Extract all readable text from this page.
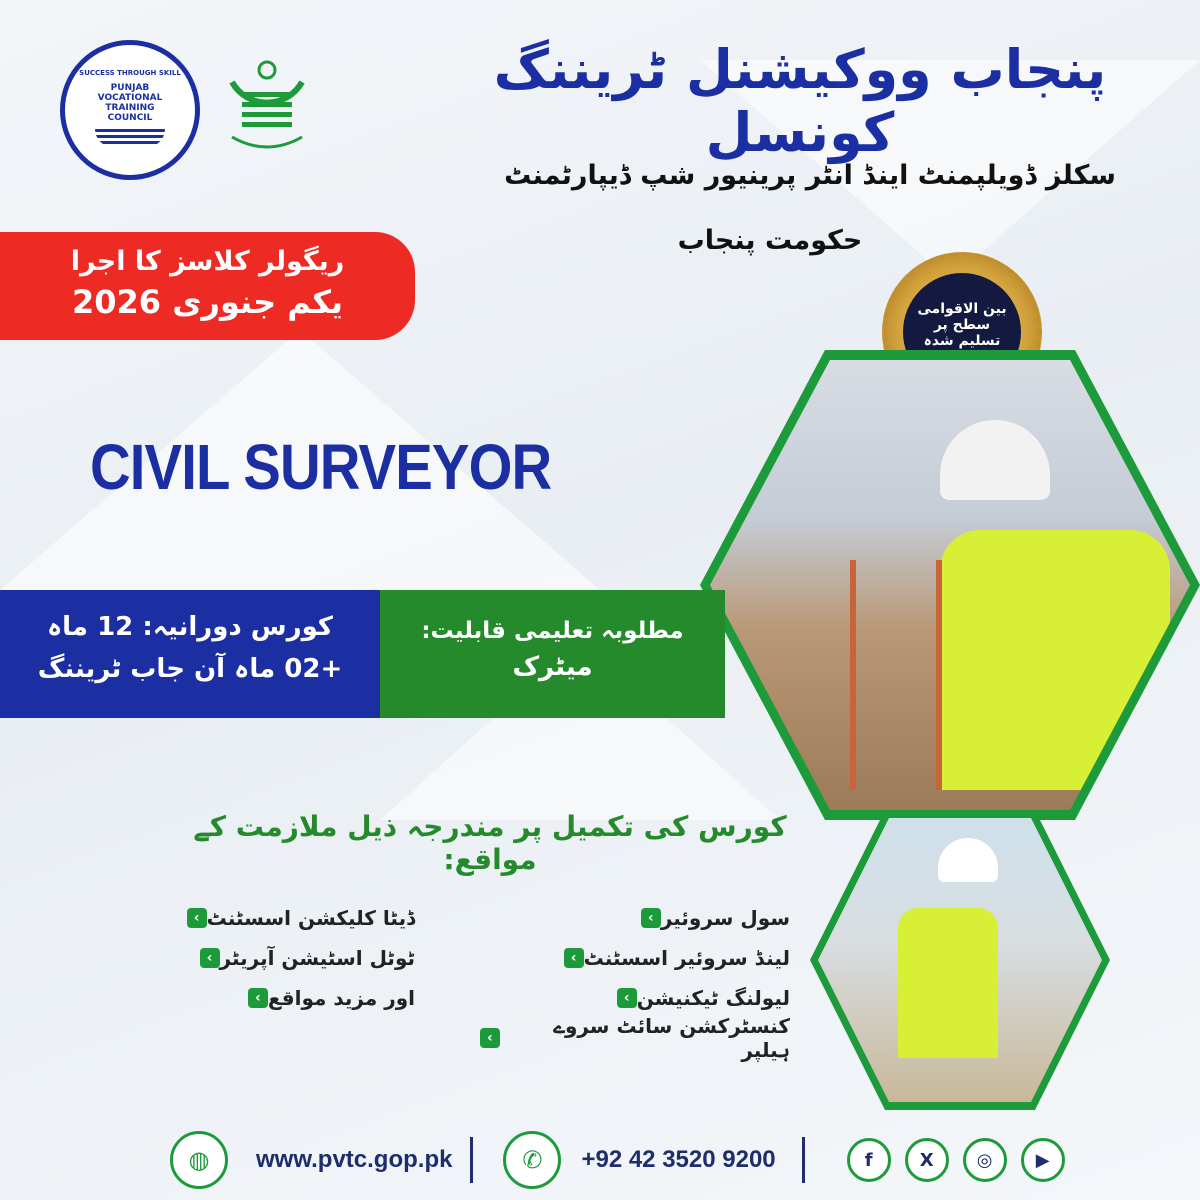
SUCCESS THROUGH SKILL
PUNJAB
VOCATIONAL
TRAINING
COUNCIL
پنجاب ووکیشنل ٹریننگ کونسل
سکلز ڈویلپمنٹ اینڈ انٹر پرینیور شپ ڈیپارٹمنٹ
حکومت پنجاب
ریگولر کلاسز کا اجرا
یکم جنوری 2026	بین الاقوامی
سطح پر
تسلیم شدہ
CIVIL SURVEYOR
کورس دورانیہ: 12 ماہ
+02 ماہ آن جاب ٹریننگ
مطلوبہ تعلیمی قابلیت:
میٹرک
کورس کی تکمیل پر مندرجہ ذیل ملازمت کے مواقع:
› سول سروئیر
› لینڈ سروئیر اسسٹنٹ
› لیولنگ ٹیکنیشن
›	کنسٹرکشن سائٹ سروے ہیلپر
› ڈیٹا کلیکشن اسسٹنٹ
› ٹوٹل اسٹیشن آپریٹر
› اور مزید مواقع
◍	www.pvtc.gop.pk	✆	+92 42 3520 9200	f	X	◎	▶
